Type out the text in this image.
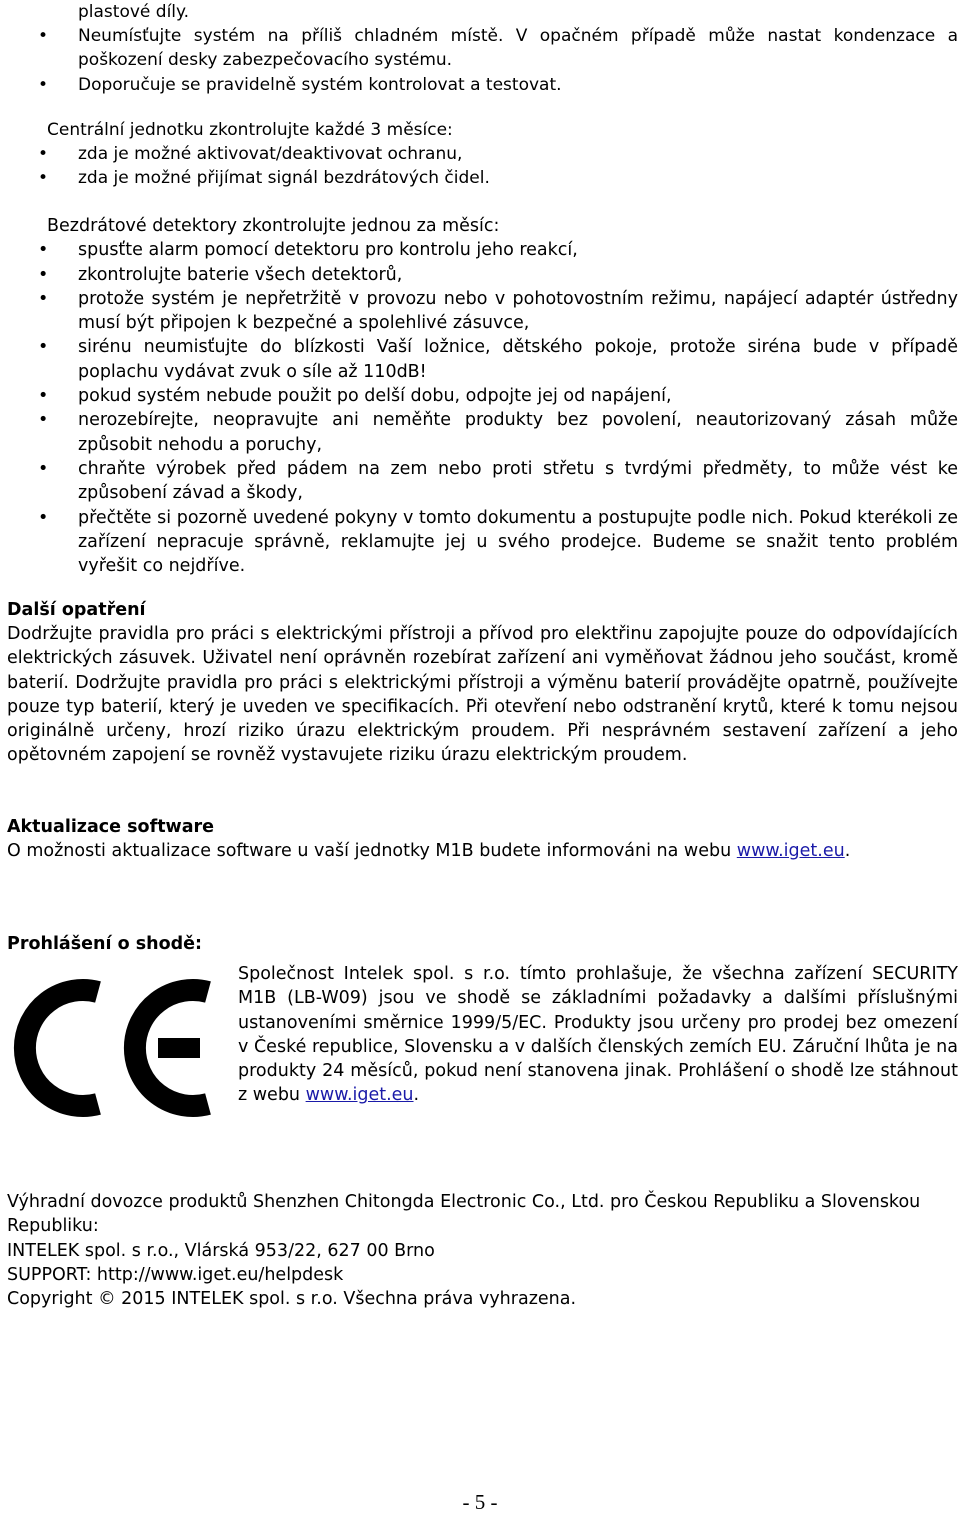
plastové díly.
• Neumísťujte systém na příliš chladném místě. V opačném případě může nastat kondenzace a poškození desky zabezpečovacího systému.
• Doporučuje se pravidelně systém kontrolovat a testovat.

Centrální jednotku zkontrolujte každé 3 měsíce:

• zda je možné aktivovat/deaktivovat ochranu,
• zda je možné přijímat signál bezdrátových čidel.

Bezdrátové detektory zkontrolujte jednou za měsíc:

• spusťte alarm pomocí detektoru pro kontrolu jeho reakcí,
• zkontrolujte baterie všech detektorů,
• protože systém je nepřetržitě v provozu nebo v pohotovostním režimu, napájecí adaptér ústředny musí být připojen k bezpečné a spolehlivé zásuvce,
• sirénu neumisťujte do blízkosti Vaší ložnice, dětského pokoje, protože siréna bude v případě poplachu vydávat zvuk o síle až 110dB!
• pokud systém nebude použit po delší dobu, odpojte jej od napájení,
• nerozebírejte, neopravujte ani neměňte produkty bez povolení, neautorizovaný zásah může způsobit nehodu a poruchy,
• chraňte výrobek před pádem na zem nebo proti střetu s tvrdými předměty, to může vést ke způsobení závad a škody,
• přečtěte si pozorně uvedené pokyny v tomto dokumentu a postupujte podle nich. Pokud kterékoli ze zařízení nepracuje správně, reklamujte jej u svého prodejce. Budeme se snažit tento problém vyřešit co nejdříve.
Další opatření

Dodržujte pravidla pro práci s elektrickými přístroji a přívod pro elektřinu zapojujte pouze do odpovídajících elektrických zásuvek. Uživatel není oprávněn rozebírat zařízení ani vyměňovat žádnou jeho součást, kromě baterií. Dodržujte pravidla pro práci s elektrickými přístroji a výměnu baterií provádějte opatrně, používejte pouze typ baterií, který je uveden ve specifikacích. Při otevření nebo odstranění krytů, které k tomu nejsou originálně určeny, hrozí riziko úrazu elektrickým proudem. Při nesprávném sestavení zařízení a jeho opětovném zapojení se rovněž vystavujete riziku úrazu elektrickým proudem.

Aktualizace software

O možnosti aktualizace software u vaší jednotky M1B budete informováni na webu www.iget.eu.

Prohlášení o shodě:

Společnost Intelek spol. s r.o. tímto prohlašuje, že všechna zařízení SECURITY M1B (LB-W09) jsou ve shodě se základními požadavky a dalšími příslušnými ustanoveními směrnice 1999/5/EC. Produkty jsou určeny pro prodej bez omezení v České republice, Slovensku a v dalších členských zemích EU. Záruční lhůta je na produkty 24 měsíců, pokud není stanovena jinak. Prohlášení o shodě lze stáhnout z webu www.iget.eu.

Výhradní dovozce produktů Shenzhen Chitongda Electronic Co., Ltd. pro Českou Republiku a Slovenskou Republiku:

INTELEK spol. s r.o., Vlárská 953/22, 627 00 Brno

SUPPORT: http://www.iget.eu/helpdesk

Copyright © 2015 INTELEK spol. s r.o. Všechna práva vyhrazena.

- 5 -
